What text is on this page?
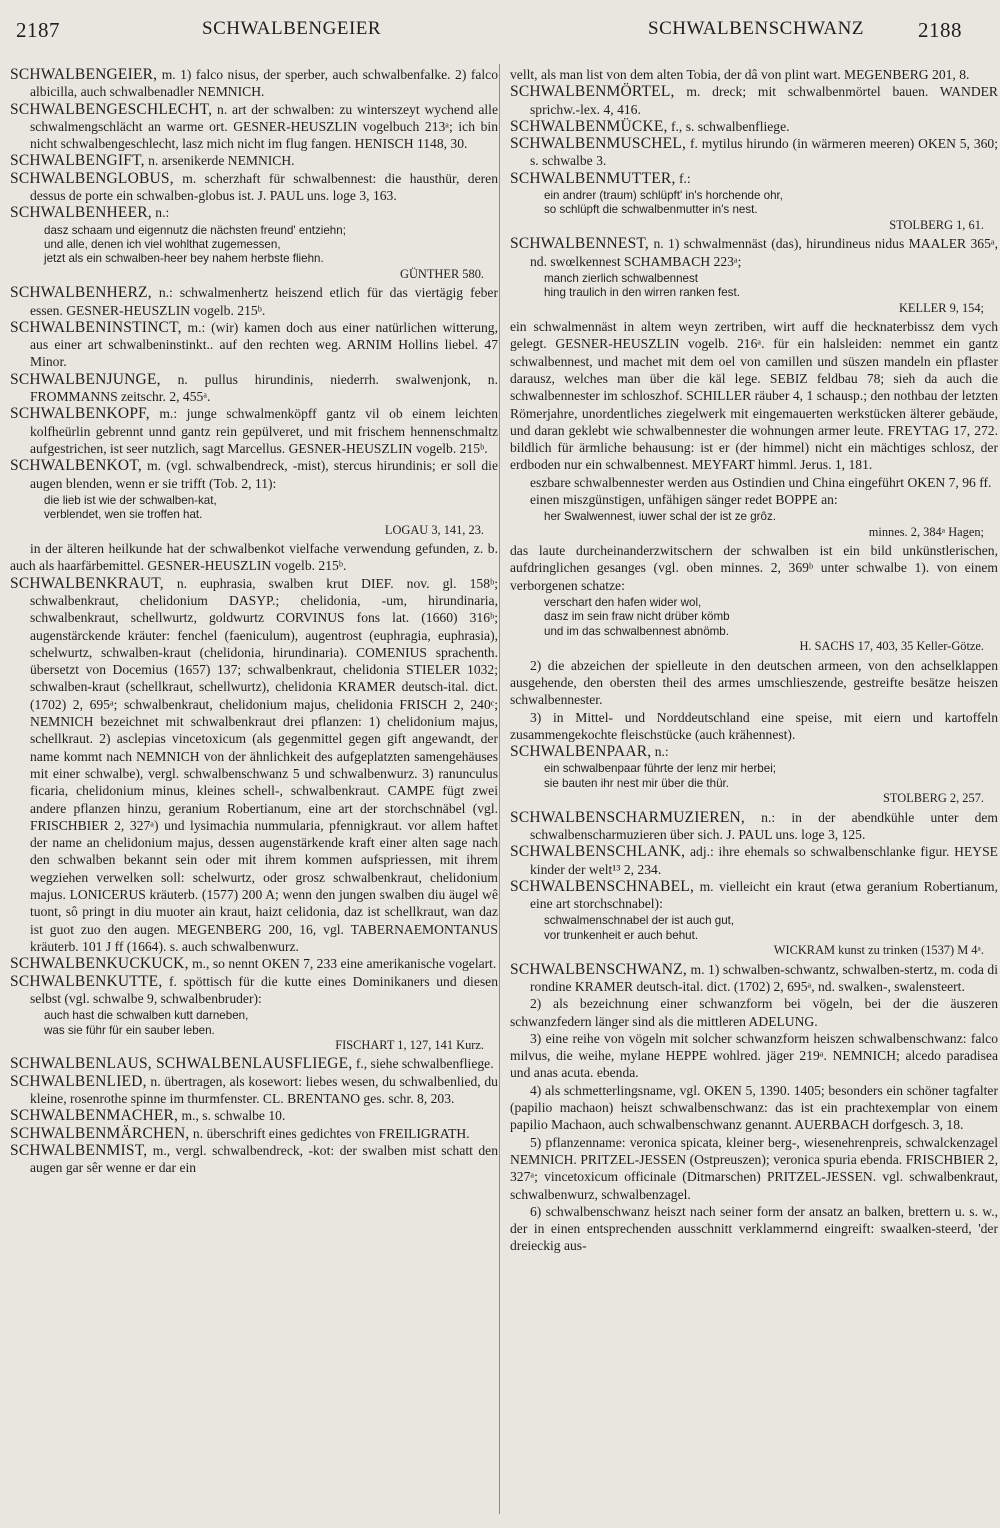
2187	SCHWALBENGEIER	SCHWALBENSCHWANZ	2188

SCHWALBENGEIER, m. 1) falco nisus, der sperber, auch schwalbenfalke. 2) falco albicilla, auch schwalbenadler NEMNICH.

SCHWALBENGESCHLECHT, n. art der schwalben: zu winterszeyt wychend alle schwalmengschlächt an warme ort. GESNER-HEUSZLIN vogelbuch 213ᵃ; ich bin nicht schwalbengeschlecht, lasz mich nicht im flug fangen. HENISCH 1148, 30.

SCHWALBENGIFT, n. arsenikerde NEMNICH.

SCHWALBENGLOBUS, m. scherzhaft für schwalbennest: die hausthür, deren dessus de porte ein schwalben-globus ist. J. PAUL uns. loge 3, 163.

SCHWALBENHEER, n.:

dasz schaam und eigennutz die nächsten freund' entziehn;
und alle, denen ich viel wohlthat zugemessen,
jetzt als ein schwalben-heer bey nahem herbste fliehn.
GÜNTHER 580.

SCHWALBENHERZ, n.: schwalmenhertz heiszend etlich für das viertägig feber essen. GESNER-HEUSZLIN vogelb. 215ᵇ.

SCHWALBENINSTINCT, m.: (wir) kamen doch aus einer natürlichen witterung, aus einer art schwalbeninstinkt.. auf den rechten weg. ARNIM Hollins liebel. 47 Minor.

SCHWALBENJUNGE, n. pullus hirundinis, niederrh. swalwenjonk, n. FROMMANNS zeitschr. 2, 455ᵃ.

SCHWALBENKOPF, m.: junge schwalmenköpff gantz vil ob einem leichten kolfheürlin gebrennt unnd gantz rein gepülveret, und mit frischem hennenschmaltz aufgestrichen, ist seer nutzlich, sagt Marcellus. GESNER-HEUSZLIN vogelb. 215ᵇ.

SCHWALBENKOT, m. (vgl. schwalbendreck, -mist), stercus hirundinis; er soll die augen blenden, wenn er sie trifft (Tob. 2, 11):

die lieb ist wie der schwalben-kat,
verblendet, wen sie troffen hat.
LOGAU 3, 141, 23.

in der älteren heilkunde hat der schwalbenkot vielfache verwendung gefunden, z. b. auch als haarfärbemittel. GESNER-HEUSZLIN vogelb. 215ᵇ.

SCHWALBENKRAUT, n. euphrasia, swalben krut DIEF. nov. gl. 158ᵇ; schwalbenkraut, chelidonium DASYP.; chelidonia, -um, hirundinaria, schwalbenkraut, schellwurtz, goldwurtz CORVINUS fons lat. (1660) 316ᵇ; augenstärckende kräuter: fenchel (faeniculum), augentrost (euphragia, euphrasia), schelwurtz, schwalben-kraut (chelidonia, hirundinaria). COMENIUS sprachenth. übersetzt von Docemius (1657) 137; schwalbenkraut, chelidonia STIELER 1032; schwalben-kraut (schellkraut, schellwurtz), chelidonia KRAMER deutsch-ital. dict. (1702) 2, 695ᵃ; schwalbenkraut, chelidonium majus, chelidonia FRISCH 2, 240ᶜ; NEMNICH bezeichnet mit schwalbenkraut drei pflanzen: 1) chelidonium majus, schellkraut. 2) asclepias vincetoxicum (als gegenmittel gegen gift angewandt, der name kommt nach NEMNICH von der ähnlichkeit des aufgeplatzten samengehäuses mit einer schwalbe), vergl. schwalbenschwanz 5 und schwalbenwurz. 3) ranunculus ficaria, chelidonium minus, kleines schell-, schwalbenkraut. CAMPE fügt zwei andere pflanzen hinzu, geranium Robertianum, eine art der storchschnäbel (vgl. FRISCHBIER 2, 327ᵃ) und lysimachia nummularia, pfennigkraut. vor allem haftet der name an chelidonium majus, dessen augenstärkende kraft einer alten sage nach den schwalben bekannt sein oder mit ihrem kommen aufspriessen, mit ihrem wegziehen verwelken soll: schelwurtz, oder grosz schwalbenkraut, chelidonium majus. LONICERUS kräuterb. (1577) 200 A; wenn den jungen swalben diu äugel wê tuont, sô pringt in diu muoter ain kraut, haizt celidonia, daz ist schellkraut, wan daz ist guot zuo den augen. MEGENBERG 200, 16, vgl. TABERNAEMONTANUS kräuterb. 101 J ff (1664). s. auch schwalbenwurz.

SCHWALBENKUCKUCK, m., so nennt OKEN 7, 233 eine amerikanische vogelart.

SCHWALBENKUTTE, f. spöttisch für die kutte eines Dominikaners und diesen selbst (vgl. schwalbe 9, schwalbenbruder):

auch hast die schwalben kutt darneben,
was sie führ für ein sauber leben.
FISCHART 1, 127, 141 Kurz.

SCHWALBENLAUS, SCHWALBENLAUSFLIEGE, f., siehe schwalbenfliege.

SCHWALBENLIED, n. übertragen, als kosewort: liebes wesen, du schwalbenlied, du kleine, rosenrothe spinne im thurmfenster. CL. BRENTANO ges. schr. 8, 203.

SCHWALBENMACHER, m., s. schwalbe 10.

SCHWALBENMÄRCHEN, n. überschrift eines gedichtes von FREILIGRATH.

SCHWALBENMIST, m., vergl. schwalbendreck, -kot: der swalben mist schatt den augen gar sêr wenne er dar ein

vellt, als man list von dem alten Tobia, der dâ von plint wart. MEGENBERG 201, 8.

SCHWALBENMÖRTEL, m. dreck; mit schwalbenmörtel bauen. WANDER sprichw.-lex. 4, 416.

SCHWALBENMÜCKE, f., s. schwalbenfliege.

SCHWALBENMUSCHEL, f. mytilus hirundo (in wärmeren meeren) OKEN 5, 360; s. schwalbe 3.

SCHWALBENMUTTER, f.:

ein andrer (traum) schlüpft' in's horchende ohr,
so schlüpft die schwalbenmutter in's nest.
STOLBERG 1, 61.

SCHWALBENNEST, n. 1) schwalmennäst (das), hirundineus nidus MAALER 365ᵃ, nd. swœlkennest SCHAMBACH 223ᵃ;

manch zierlich schwalbennest
hing traulich in den wirren ranken fest.
KELLER 9, 154;

ein schwalmennäst in altem weyn zertriben, wirt auff die hecknaterbissz dem vych gelegt. GESNER-HEUSZLIN vogelb. 216ᵃ. für ein halsleiden: nemmet ein gantz schwalbennest, und machet mit dem oel von camillen und süszen mandeln ein pflaster darausz, welches man über die käl lege. SEBIZ feldbau 78; sieh da auch die schwalbennester im schloszhof. SCHILLER räuber 4, 1 schausp.; den nothbau der letzten Römerjahre, unordentliches ziegelwerk mit eingemauerten werkstücken älterer gebäude, und daran geklebt wie schwalbennester die wohnungen armer leute. FREYTAG 17, 272. bildlich für ärmliche behausung: ist er (der himmel) nicht ein mächtiges schlosz, der erdboden nur ein schwalbennest. MEYFART himml. Jerus. 1, 181.

eszbare schwalbennester werden aus Ostindien und China eingeführt OKEN 7, 96 ff.

einen miszgünstigen, unfähigen sänger redet BOPPE an:

her Swalwennest, iuwer schal der ist ze grôz.
minnes. 2, 384ᵃ Hagen;

das laute durcheinanderzwitschern der schwalben ist ein bild unkünstlerischen, aufdringlichen gesanges (vgl. oben minnes. 2, 369ᵇ unter schwalbe 1). von einem verborgenen schatze:

verschart den hafen wider wol,
dasz im sein fraw nicht drüber kömb
und im das schwalbennest abnömb.
H. SACHS 17, 403, 35 Keller-Götze.

2) die abzeichen der spielleute in den deutschen armeen, von den achselklappen ausgehende, den obersten theil des armes umschlieszende, gestreifte besätze heiszen schwalbennester.

3) in Mittel- und Norddeutschland eine speise, mit eiern und kartoffeln zusammengekochte fleischstücke (auch krähennest).

SCHWALBENPAAR, n.:

ein schwalbenpaar führte der lenz mir herbei;
sie bauten ihr nest mir über die thür.
STOLBERG 2, 257.

SCHWALBENSCHARMUZIEREN, n.: in der abendkühle unter dem schwalbenscharmuzieren über sich. J. PAUL uns. loge 3, 125.

SCHWALBENSCHLANK, adj.: ihre ehemals so schwalbenschlanke figur. HEYSE kinder der welt¹³ 2, 234.

SCHWALBENSCHNABEL, m. vielleicht ein kraut (etwa geranium Robertianum, eine art storchschnabel):

schwalmenschnabel der ist auch gut,
vor trunkenheit er auch behut.
WICKRAM kunst zu trinken (1537) M 4ᵃ.

SCHWALBENSCHWANZ, m. 1) schwalben-schwantz, schwalben-stertz, m. coda di rondine KRAMER deutsch-ital. dict. (1702) 2, 695ᵃ, nd. swalken-, swalensteert.

2) als bezeichnung einer schwanzform bei vögeln, bei der die äuszeren schwanzfedern länger sind als die mittleren ADELUNG.

3) eine reihe von vögeln mit solcher schwanzform heiszen schwalbenschwanz: falco milvus, die weihe, mylane HEPPE wohlred. jäger 219ᵃ. NEMNICH; alcedo paradisea und anas acuta. ebenda.

4) als schmetterlingsname, vgl. OKEN 5, 1390. 1405; besonders ein schöner tagfalter (papilio machaon) heiszt schwalbenschwanz: das ist ein prachtexemplar von einem papilio Machaon, auch schwalbenschwanz genannt. AUERBACH dorfgesch. 3, 18.

5) pflanzenname: veronica spicata, kleiner berg-, wiesenehrenpreis, schwalckenzagel NEMNICH. PRITZEL-JESSEN (Ostpreuszen); veronica spuria ebenda. FRISCHBIER 2, 327ᵃ; vincetoxicum officinale (Ditmarschen) PRITZEL-JESSEN. vgl. schwalbenkraut, schwalbenwurz, schwalbenzagel.

6) schwalbenschwanz heiszt nach seiner form der ansatz an balken, brettern u. s. w., der in einen entsprechenden ausschnitt verklammernd eingreift: swaalken-steerd, 'der dreieckig aus-
